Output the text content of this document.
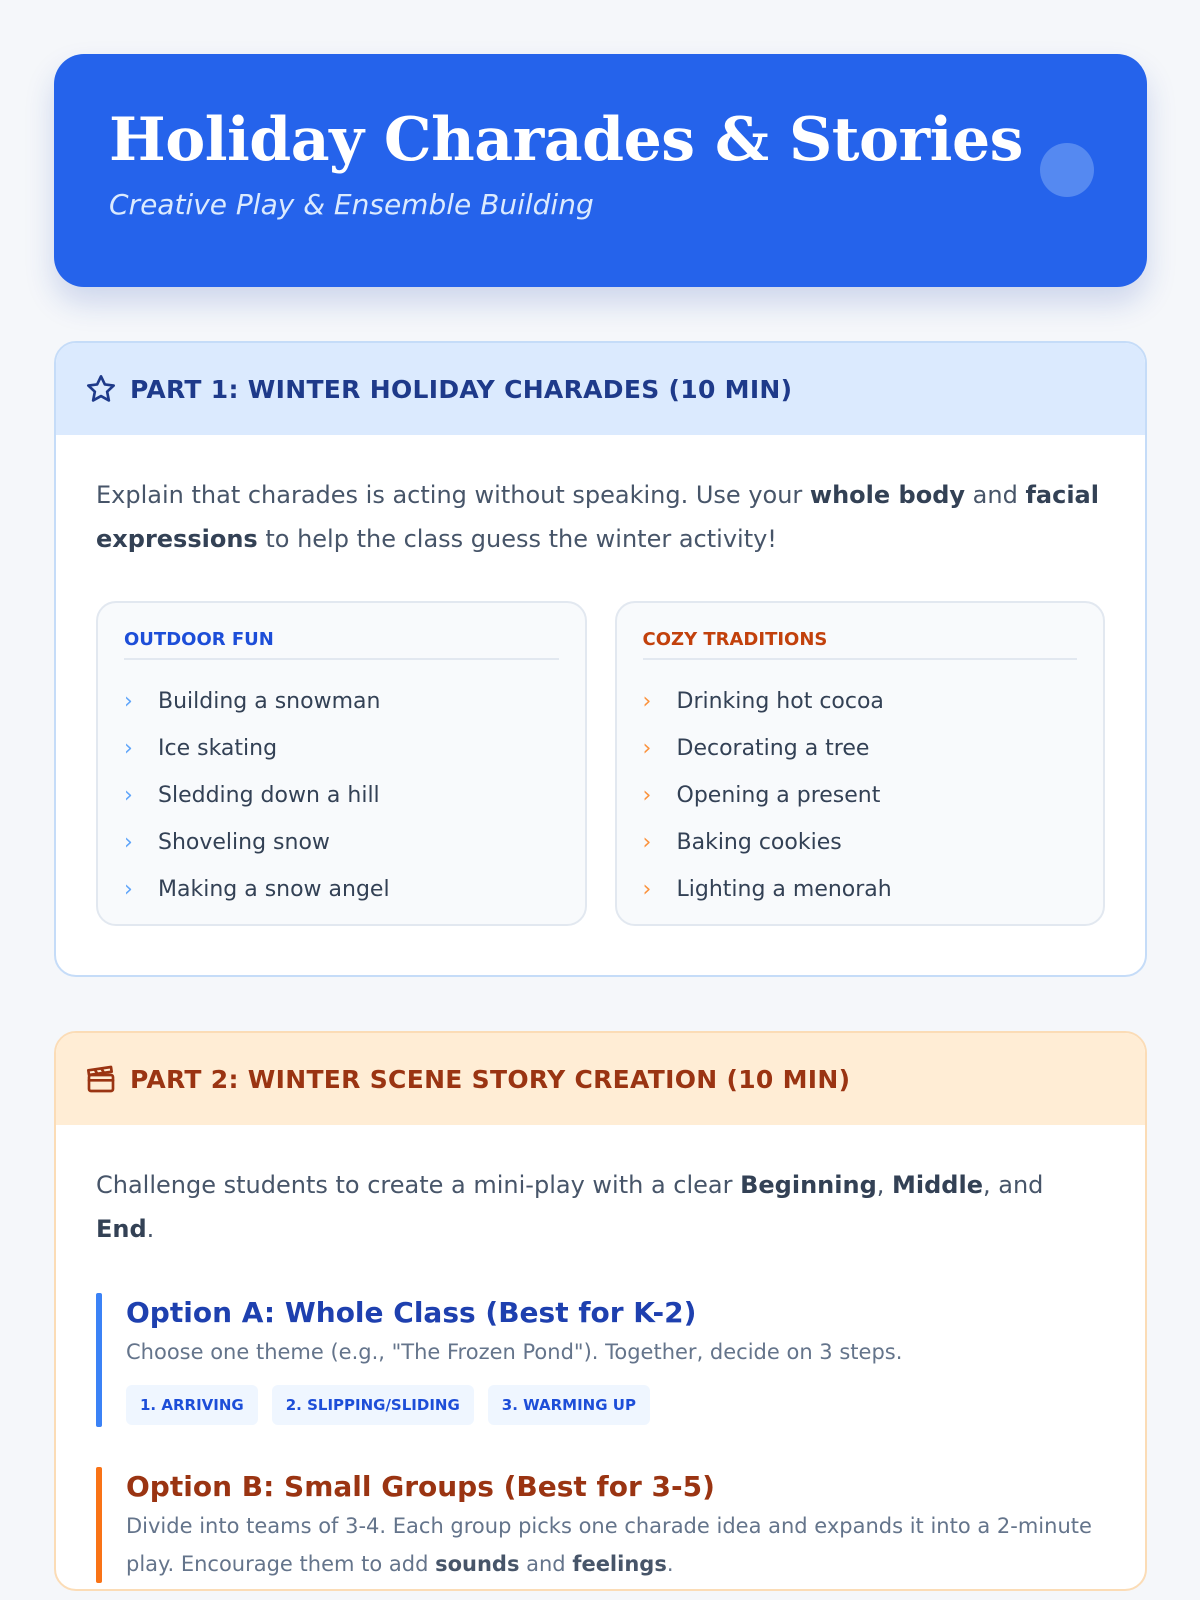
Holiday Charades & Stories
Creative Play & Ensemble Building
PART 1: WINTER HOLIDAY CHARADES (10 MIN)

Explain that charades is acting without speaking. Use your whole body and facial expressions to help the class guess the winter activity!

OUTDOOR FUN
›	Building a snowman
›	Ice skating
›	Sledding down a hill
›	Shoveling snow
›	Making a snow angel
COZY TRADITIONS
›	Drinking hot cocoa
›	Decorating a tree
›	Opening a present
›	Baking cookies
›	Lighting a menorah
PART 2: WINTER SCENE STORY CREATION (10 MIN)

Challenge students to create a mini-play with a clear Beginning, Middle, and End.

Option A: Whole Class (Best for K-2)
Choose one theme (e.g., "The Frozen Pond"). Together, decide on 3 steps.
1. ARRIVING	2. SLIPPING/SLIDING	3. WARMING UP
Option B: Small Groups (Best for 3-5)
Divide into teams of 3-4. Each group picks one charade idea and expands it into a 2-minute play. Encourage them to add sounds and feelings.
